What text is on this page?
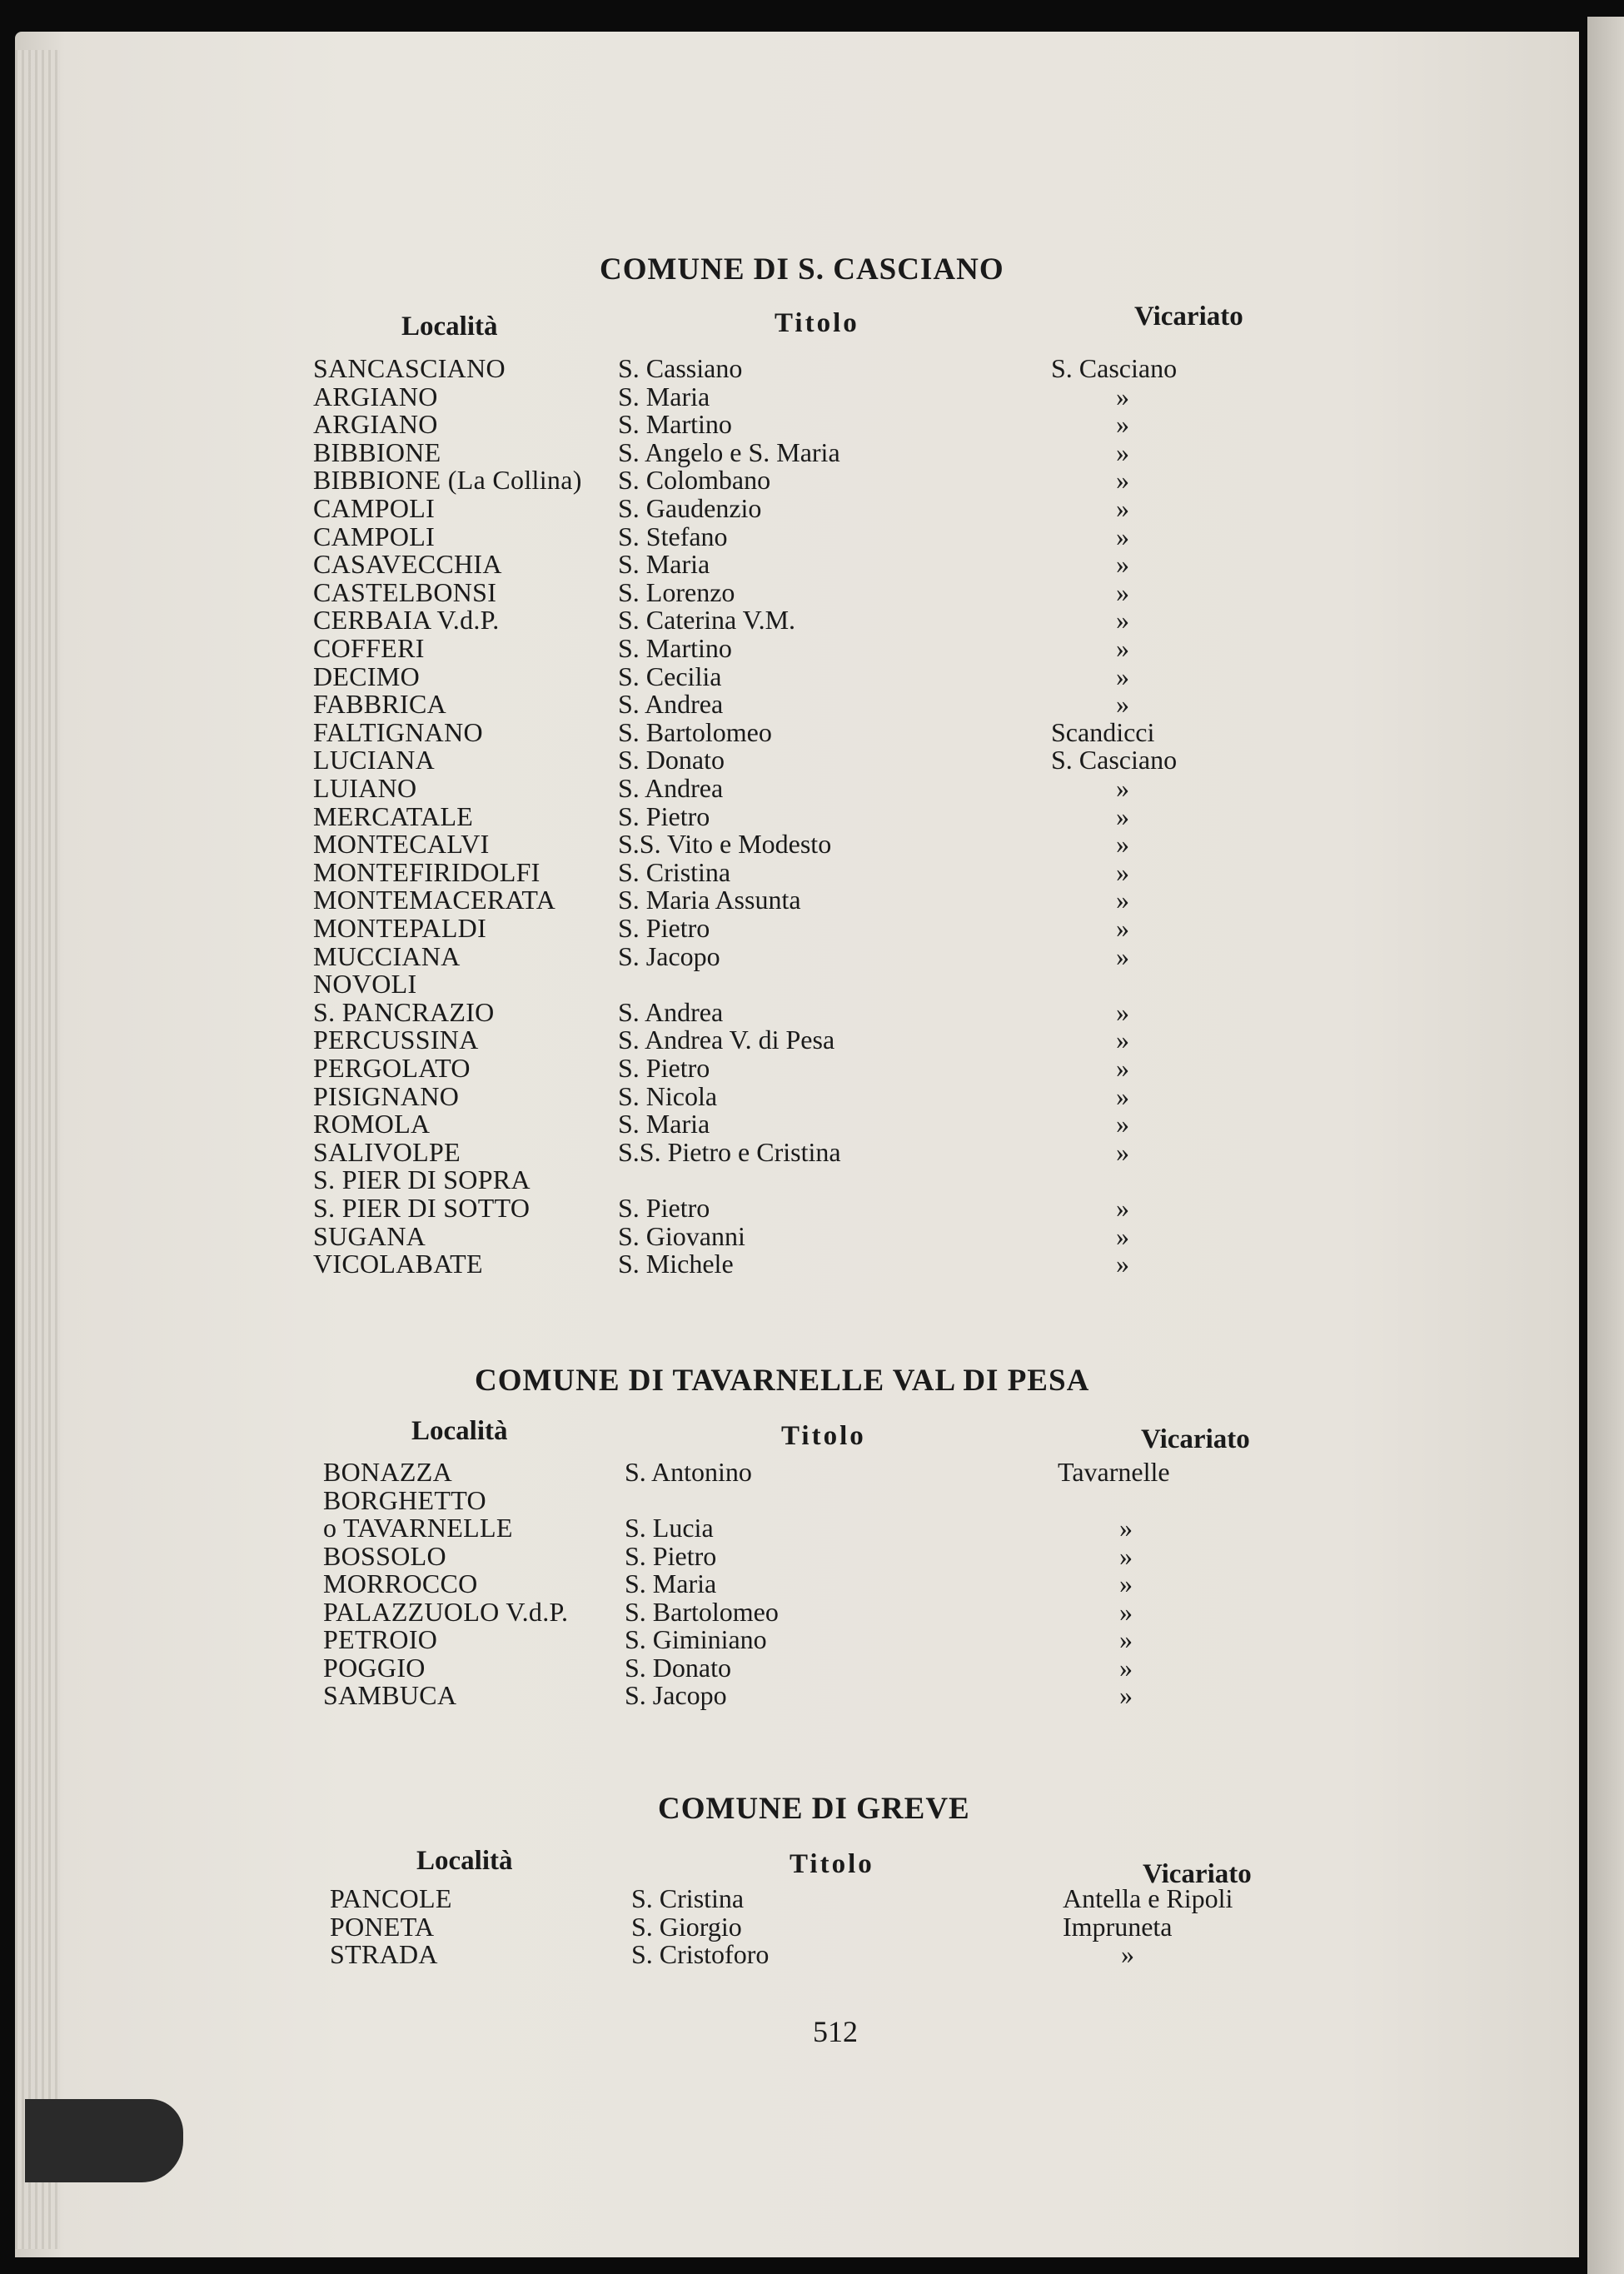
COMUNE DI S. CASCIANO
Località	Titolo	Vicariato
SANCASCIANO	S. Cassiano	S. Casciano
ARGIANO	S. Maria	»
ARGIANO	S. Martino	»
BIBBIONE	S. Angelo e S. Maria	»
BIBBIONE (La Collina) S. Colombano	»
CAMPOLI	S. Gaudenzio	»
CAMPOLI	S. Stefano	»
CASAVECCHIA	S. Maria	»
CASTELBONSI	S. Lorenzo	»
CERBAIA V.d.P.	S. Caterina V.M.	»
COFFERI	S. Martino	»
DECIMO	S. Cecilia	»
FABBRICA	S. Andrea	»
FALTIGNANO	S. Bartolomeo	Scandicci
LUCIANA	S. Donato	S. Casciano
LUIANO	S. Andrea	»
MERCATALE	S. Pietro	»
MONTECALVI	S.S. Vito e Modesto	»
MONTEFIRIDOLFI	S. Cristina	»
MONTEMACERATA S. Maria Assunta	»
MONTEPALDI	S. Pietro	»
MUCCIANA	S. Jacopo	»
NOVOLI
S. PANCRAZIO	S. Andrea	»
PERCUSSINA	S. Andrea V. di Pesa	»
PERGOLATO	S. Pietro	»
PISIGNANO	S. Nicola	»
ROMOLA	S. Maria	»
SALIVOLPE	S.S. Pietro e Cristina	»
S. PIER DI SOPRA
S. PIER DI SOTTO	S. Pietro	»
SUGANA	S. Giovanni	»
VICOLABATE	S. Michele	»
COMUNE DI TAVARNELLE VAL DI PESA
Località	Titolo	Vicariato
BONAZZA	S. Antonino	Tavarnelle
BORGHETTO
o TAVARNELLE	S. Lucia	»
BOSSOLO	S. Pietro	»
MORROCCO	S. Maria	»
PALAZZUOLO V.d.P. S. Bartolomeo	»
PETROIO	S. Giminiano	»
POGGIO	S. Donato	»
SAMBUCA	S. Jacopo	»
COMUNE DI GREVE
Località	Titolo	Vicariato
PANCOLE	S. Cristina	Antella e Ripoli
PONETA	S. Giorgio	Impruneta
STRADA	S. Cristoforo	»
512
